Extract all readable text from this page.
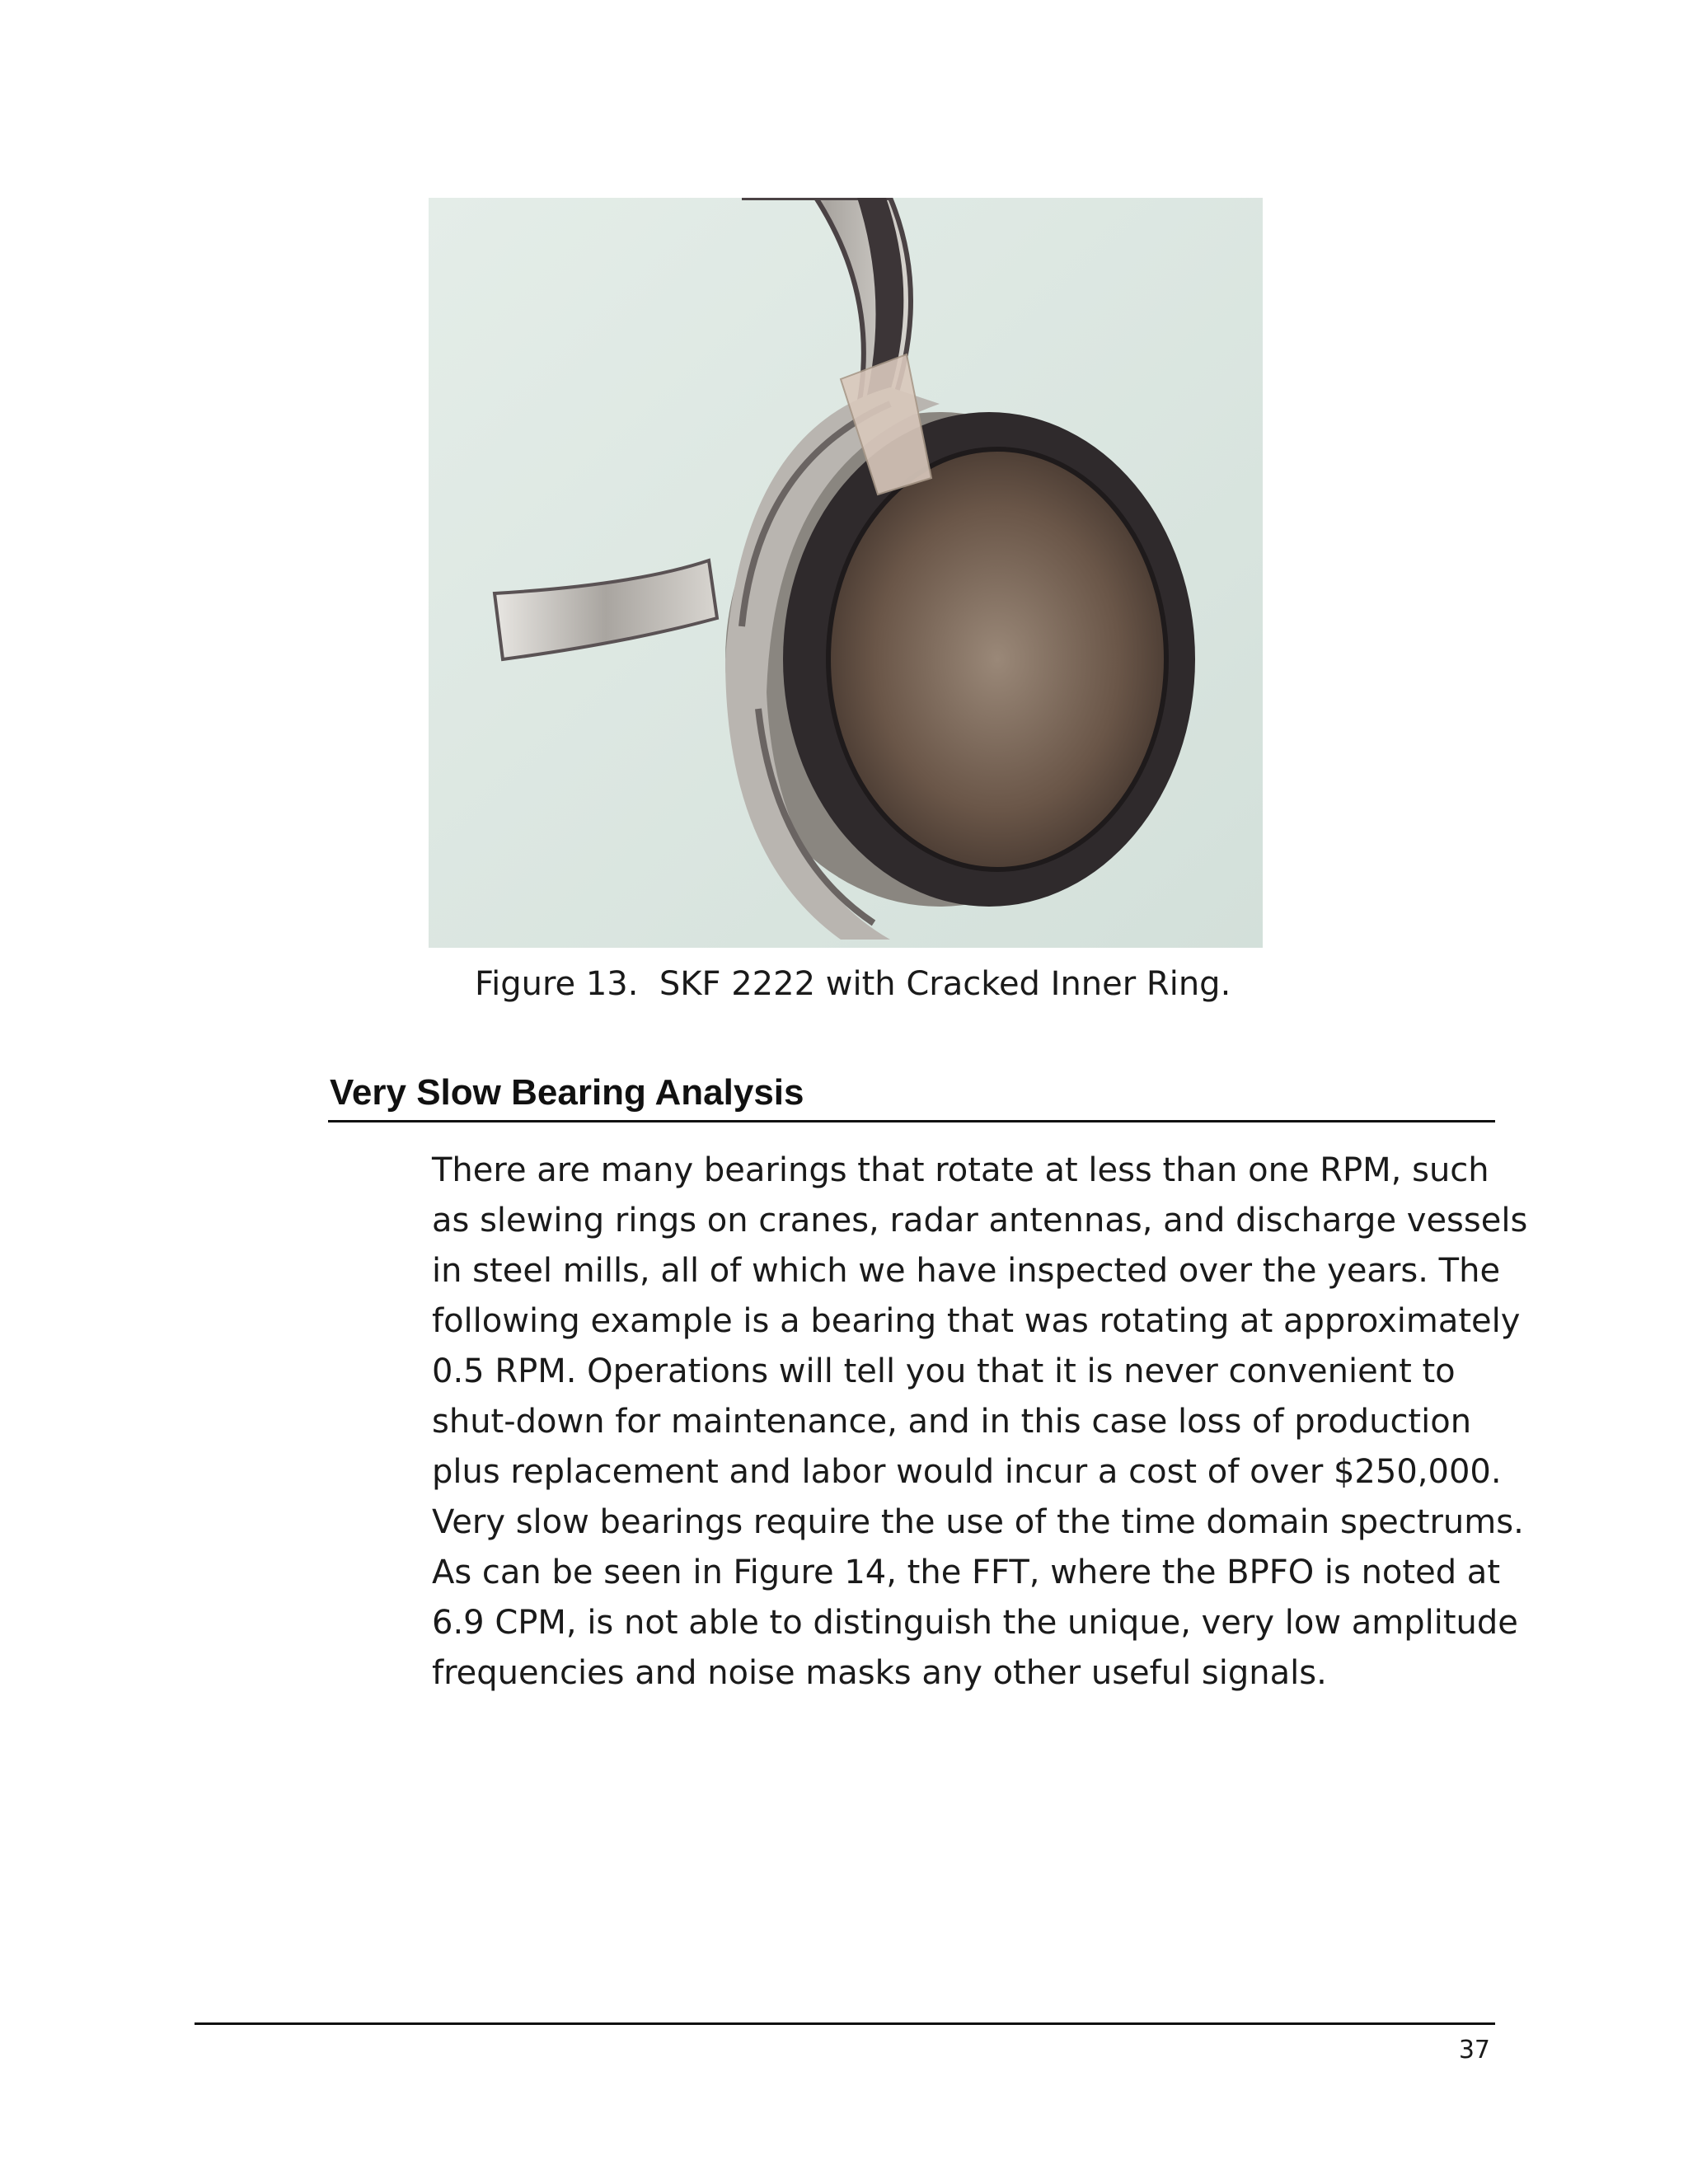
Figure 13.  SKF 2222 with Cracked Inner Ring.
Very Slow Bearing Analysis
There are many bearings that rotate at less than one RPM, such
as slewing rings on cranes, radar antennas, and discharge vessels
in steel mills, all of which we have inspected over the years. The
following example is a bearing that was rotating at approximately
0.5 RPM. Operations will tell you that it is never convenient to
shut-down for maintenance, and in this case loss of production
plus replacement and labor would incur a cost of over $250,000.
Very slow bearings require the use of the time domain spectrums.
As can be seen in Figure 14, the FFT, where the BPFO is noted at
6.9 CPM, is not able to distinguish the unique, very low amplitude
frequencies and noise masks any other useful signals.
37
